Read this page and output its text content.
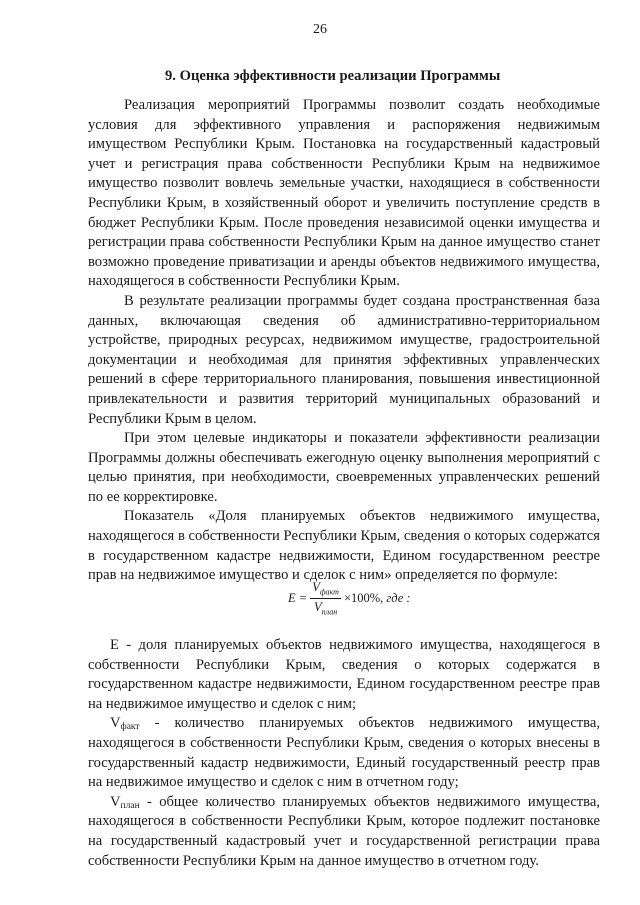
26
9. Оценка эффективности реализации Программы

Реализация мероприятий Программы позволит создать необходимые условия для эффективного управления и распоряжения недвижимым имуществом Республики Крым. Постановка на государственный кадастровый учет и регистрация права собственности Республики Крым на недвижимое имущество позволит вовлечь земельные участки, находящиеся в собственности Республики Крым, в хозяйственный оборот и увеличить поступление средств в бюджет Республики Крым. После проведения независимой оценки имущества и регистрации права собственности Республики Крым на данное имущество станет возможно проведение приватизации и аренды объектов недвижимого имущества, находящегося в собственности Республики Крым.

В результате реализации программы будет создана пространственная база данных, включающая сведения об административно-территориальном устройстве, природных ресурсах, недвижимом имуществе, градостроительной документации и необходимая для принятия эффективных управленческих решений в сфере территориального планирования, повышения инвестиционной привлекательности и развития территорий муниципальных образований и Республики Крым в целом.

При этом целевые индикаторы и показатели эффективности реализации Программы должны обеспечивать ежегодную оценку выполнения мероприятий с целью принятия, при необходимости, своевременных управленческих решений по ее корректировке.

Показатель «Доля планируемых объектов недвижимого имущества, находящегося в собственности Республики Крым, сведения о которых содержатся в государственном кадастре недвижимости, Едином государственном реестре прав на недвижимое имущество и сделок с ним» определяется по формуле:

$E = \frac{V_{факт}}{V_{план}} \times 100\%$,
где :

Е - доля планируемых объектов недвижимого имущества, находящегося в собственности Республики Крым, сведения о которых содержатся в государственном кадастре недвижимости, Едином государственном реестре прав на недвижимое имущество и сделок с ним;

$V_{факт}$ - количество планируемых объектов недвижимого имущества, находящегося в собственности Республики Крым, сведения о которых внесены в государственный кадастр недвижимости, Единый государственный реестр прав на недвижимое имущество и сделок с ним в отчетном году;

$V_{план}$ - общее количество планируемых объектов недвижимого имущества, находящегося в собственности Республики Крым, которое подлежит постановке на государственный кадастровый учет и государственной регистрации права собственности Республики Крым на данное имущество в отчетном году.
